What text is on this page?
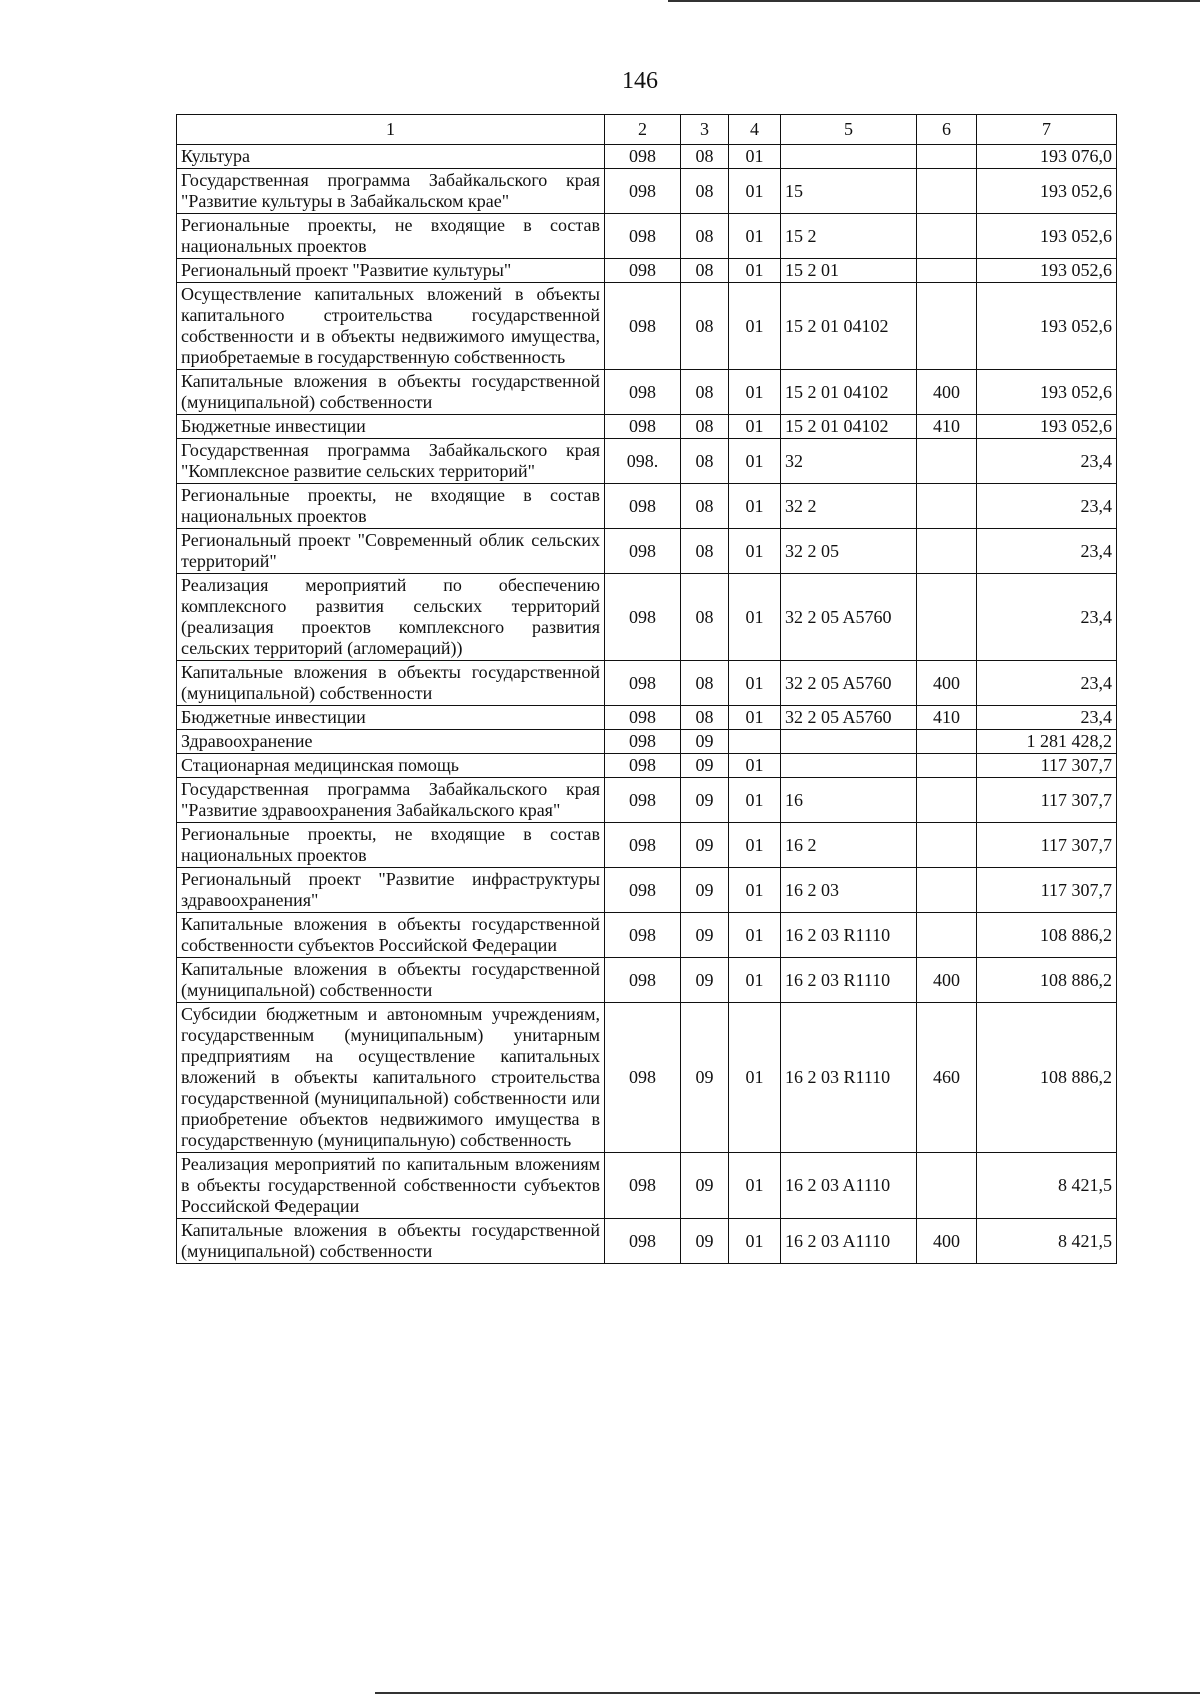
146
1	2	3	4	5	6	7
Культура	098	08	01			193 076,0
Государственная программа Забайкальского края "Развитие культуры в Забайкальском крае"	098	08	01	15		193 052,6
Региональные проекты, не входящие в состав национальных проектов	098	08	01	15 2		193 052,6
Региональный проект "Развитие культуры"	098	08	01	15 2 01		193 052,6
Осуществление капитальных вложений в объекты капитального строительства государственной собственности и в объекты недвижимого имущества, приобретаемые в государственную собственность	098	08	01	15 2 01 04102		193 052,6
Капитальные вложения в объекты государственной (муниципальной) собственности	098	08	01	15 2 01 04102	400	193 052,6
Бюджетные инвестиции	098	08	01	15 2 01 04102	410	193 052,6
Государственная программа Забайкальского края "Комплексное развитие сельских территорий"	098.	08	01	32		23,4
Региональные проекты, не входящие в состав национальных проектов	098	08	01	32 2		23,4
Региональный проект "Современный облик сельских территорий"	098	08	01	32 2 05		23,4
Реализация мероприятий по обеспечению комплексного развития сельских территорий (реализация проектов комплексного развития сельских территорий (агломераций))	098	08	01	32 2 05 A5760		23,4
Капитальные вложения в объекты государственной (муниципальной) собственности	098	08	01	32 2 05 A5760	400	23,4
Бюджетные инвестиции	098	08	01	32 2 05 A5760	410	23,4
Здравоохранение	098	09				1 281 428,2
Стационарная медицинская помощь	098	09	01			117 307,7
Государственная программа Забайкальского края "Развитие здравоохранения Забайкальского края"	098	09	01	16		117 307,7
Региональные проекты, не входящие в состав национальных проектов	098	09	01	16 2		117 307,7
Региональный проект "Развитие инфраструктуры здравоохранения"	098	09	01	16 2 03		117 307,7
Капитальные вложения в объекты государственной собственности субъектов Российской Федерации	098	09	01	16 2 03 R1110		108 886,2
Капитальные вложения в объекты государственной (муниципальной) собственности	098	09	01	16 2 03 R1110	400	108 886,2
Субсидии бюджетным и автономным учреждениям, государственным (муниципальным) унитарным предприятиям на осуществление капитальных вложений в объекты капитального строительства государственной (муниципальной) собственности или приобретение объектов недвижимого имущества в государственную (муниципальную) собственность	098	09	01	16 2 03 R1110	460	108 886,2
Реализация мероприятий по капитальным вложениям в объекты государственной собственности субъектов Российской Федерации	098	09	01	16 2 03 A1110		8 421,5
Капитальные вложения в объекты государственной (муниципальной) собственности	098	09	01	16 2 03 A1110	400	8 421,5
